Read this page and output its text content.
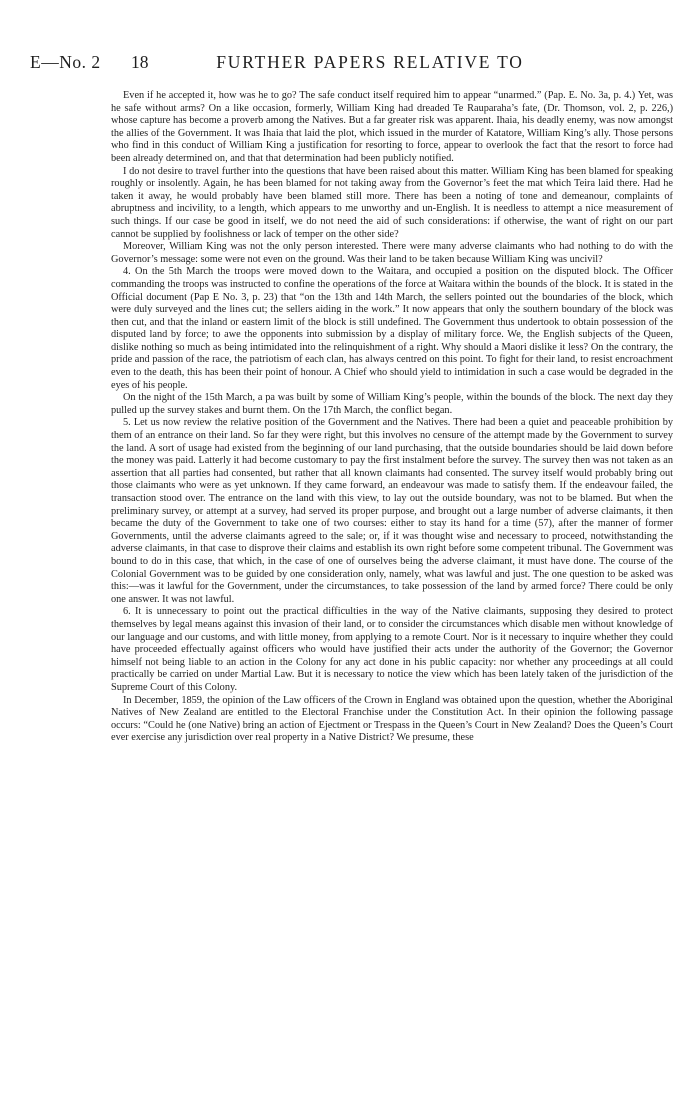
E—No. 2 18	FURTHER PAPERS RELATIVE TO

Even if he accepted it, how was he to go? The safe conduct itself required him to appear “unarmed.” (Pap. E. No. 3a, p. 4.) Yet, was he safe without arms? On a like occasion, formerly, William King had dreaded Te Rauparaha’s fate, (Dr. Thomson, vol. 2, p. 226,) whose capture has become a proverb among the Natives. But a far greater risk was apparent. Ihaia, his deadly enemy, was now amongst the allies of the Government. It was Ihaia that laid the plot, which issued in the murder of Katatore, William King’s ally. Those persons who find in this conduct of William King a justification for resorting to force, appear to overlook the fact that the resort to force had been already determined on, and that that determination had been publicly notified.

I do not desire to travel further into the questions that have been raised about this matter. William King has been blamed for speaking roughly or insolently. Again, he has been blamed for not taking away from the Governor’s feet the mat which Teira laid there. Had he taken it away, he would probably have been blamed still more. There has been a noting of tone and demeanour, complaints of abruptness and incivility, to a length, which appears to me unworthy and un-English. It is needless to attempt a nice measurement of such things. If our case be good in itself, we do not need the aid of such considerations: if otherwise, the want of right on our part cannot be supplied by foolishness or lack of temper on the other side?

Moreover, William King was not the only person interested. There were many adverse claimants who had nothing to do with the Governor’s message: some were not even on the ground. Was their land to be taken because William King was uncivil?

4. On the 5th March the troops were moved down to the Waitara, and occupied a position on the disputed block. The Officer commanding the troops was instructed to confine the operations of the force at Waitara within the bounds of the block. It is stated in the Official document (Pap E No. 3, p. 23) that “on the 13th and 14th March, the sellers pointed out the boundaries of the block, which were duly surveyed and the lines cut; the sellers aiding in the work.” It now appears that only the southern boundary of the block was then cut, and that the inland or eastern limit of the block is still undefined. The Government thus undertook to obtain possession of the disputed land by force; to awe the opponents into submission by a display of military force. We, the English subjects of the Queen, dislike nothing so much as being intimidated into the relinquishment of a right. Why should a Maori dislike it less? On the contrary, the pride and passion of the race, the patriotism of each clan, has always centred on this point. To fight for their land, to resist encroachment even to the death, this has been their point of honour. A Chief who should yield to intimidation in such a case would be degraded in the eyes of his people.

On the night of the 15th March, a pa was built by some of William King’s people, within the bounds of the block. The next day they pulled up the survey stakes and burnt them. On the 17th March, the conflict began.

5. Let us now review the relative position of the Government and the Natives. There had been a quiet and peaceable prohibition by them of an entrance on their land. So far they were right, but this involves no censure of the attempt made by the Government to survey the land. A sort of usage had existed from the beginning of our land purchasing, that the outside boundaries should be laid down before the money was paid. Latterly it had become customary to pay the first instalment before the survey. The survey then was not taken as an assertion that all parties had consented, but rather that all known claimants had consented. The survey itself would probably bring out those claimants who were as yet unknown. If they came forward, an endeavour was made to satisfy them. If the endeavour failed, the transaction stood over. The entrance on the land with this view, to lay out the outside boundary, was not to be blamed. But when the preliminary survey, or attempt at a survey, had served its proper purpose, and brought out a large number of adverse claimants, it then became the duty of the Government to take one of two courses: either to stay its hand for a time (57), after the manner of former Governments, until the adverse claimants agreed to the sale; or, if it was thought wise and necessary to proceed, notwithstanding the adverse claimants, in that case to disprove their claims and establish its own right before some competent tribunal. The Government was bound to do in this case, that which, in the case of one of ourselves being the adverse claimant, it must have done. The course of the Colonial Government was to be guided by one consideration only, namely, what was lawful and just. The one question to be asked was this:—was it lawful for the Government, under the circumstances, to take possession of the land by armed force? There could be only one answer. It was not lawful.

6. It is unnecessary to point out the practical difficulties in the way of the Native claimants, supposing they desired to protect themselves by legal means against this invasion of their land, or to consider the circumstances which disable men without knowledge of our language and our customs, and with little money, from applying to a remote Court. Nor is it necessary to inquire whether they could have proceeded effectually against officers who would have justified their acts under the authority of the Governor; the Governor himself not being liable to an action in the Colony for any act done in his public capacity: nor whether any proceedings at all could practically be carried on under Martial Law. But it is necessary to notice the view which has been lately taken of the jurisdiction of the Supreme Court of this Colony.

In December, 1859, the opinion of the Law officers of the Crown in England was obtained upon the question, whether the Aboriginal Natives of New Zealand are entitled to the Electoral Franchise under the Constitution Act. In their opinion the following passage occurs: “Could he (one Native) bring an action of Ejectment or Trespass in the Queen’s Court in New Zealand? Does the Queen’s Court ever exercise any jurisdiction over real property in a Native District? We presume, these
